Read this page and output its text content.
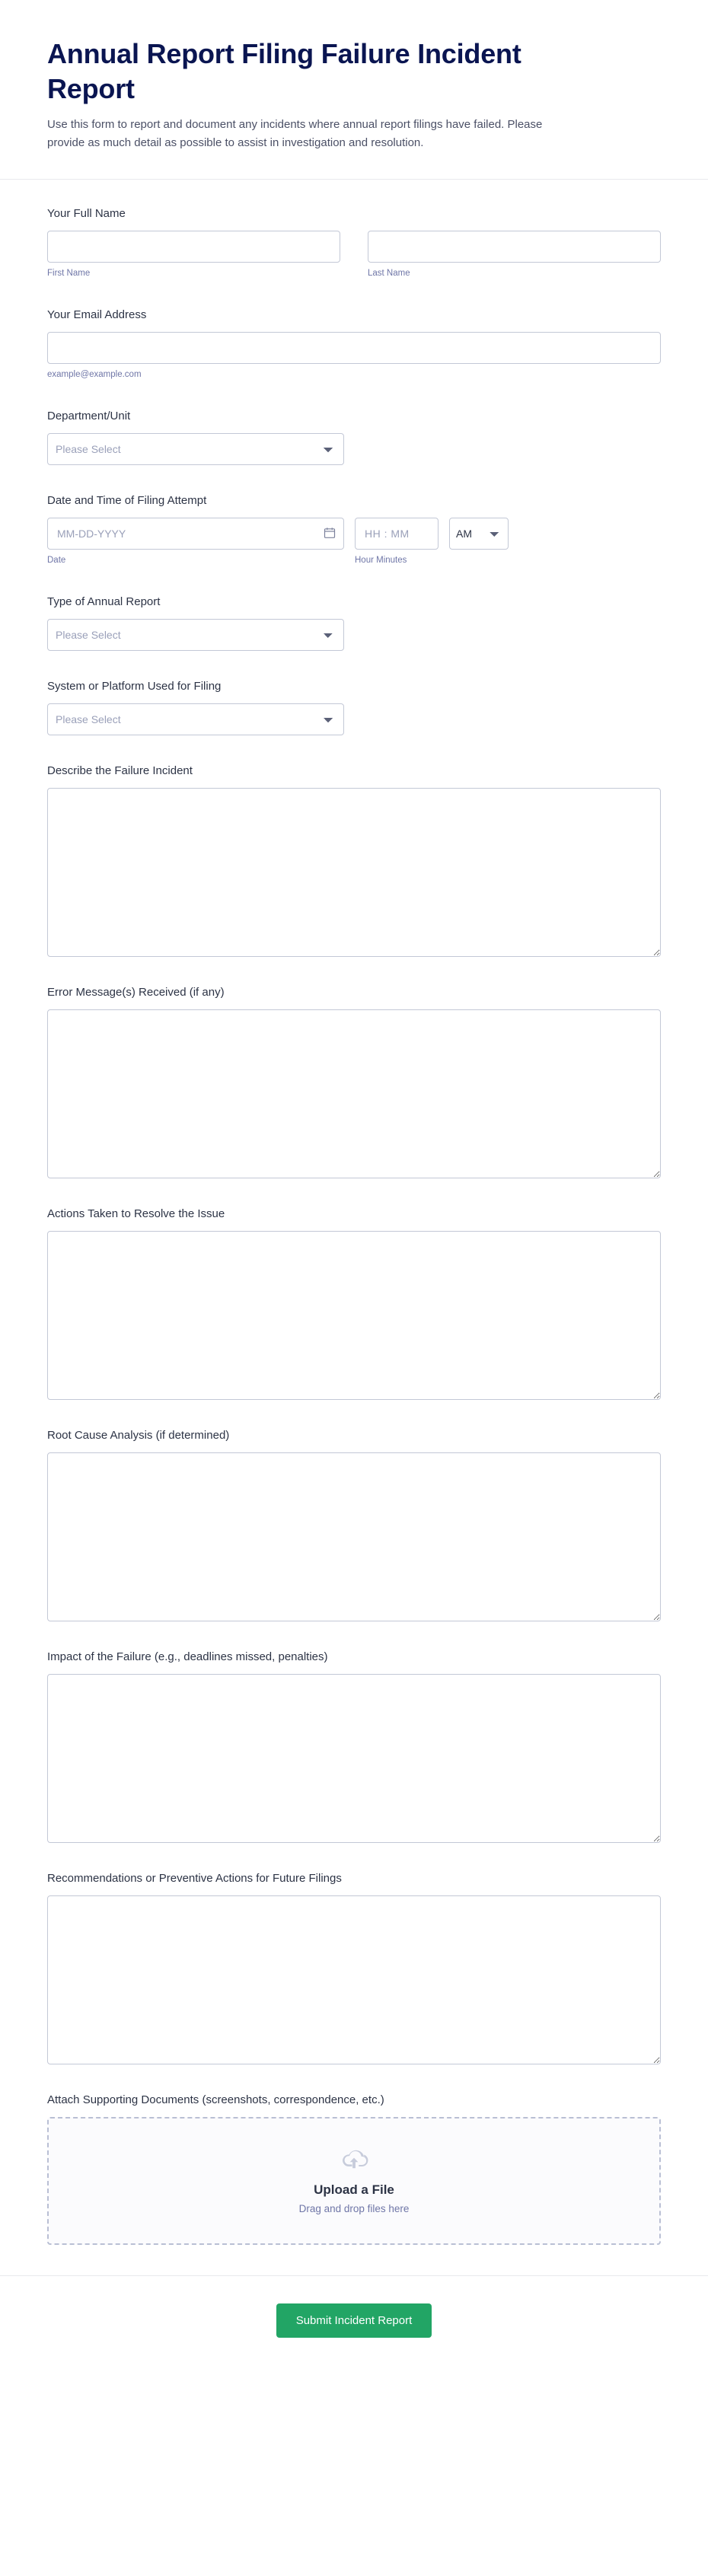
Annual Report Filing Failure Incident Report

Use this form to report and document any incidents where annual report filings have failed. Please provide as much detail as possible to assist in investigation and resolution.

Your Full Name
First Name	Last Name
Your Email Address
example@example.com
Department/Unit
Please Select
Date and Time of Filing Attempt
MM-DD-YYYY
HH : MM
AM
Date	Hour Minutes
Type of Annual Report
Please Select
System or Platform Used for Filing
Please Select
Describe the Failure Incident
Error Message(s) Received (if any)
Actions Taken to Resolve the Issue
Root Cause Analysis (if determined)
Impact of the Failure (e.g., deadlines missed, penalties)
Recommendations or Preventive Actions for Future Filings
Attach Supporting Documents (screenshots, correspondence, etc.)
Upload a File
Drag and drop files here
Submit Incident Report
